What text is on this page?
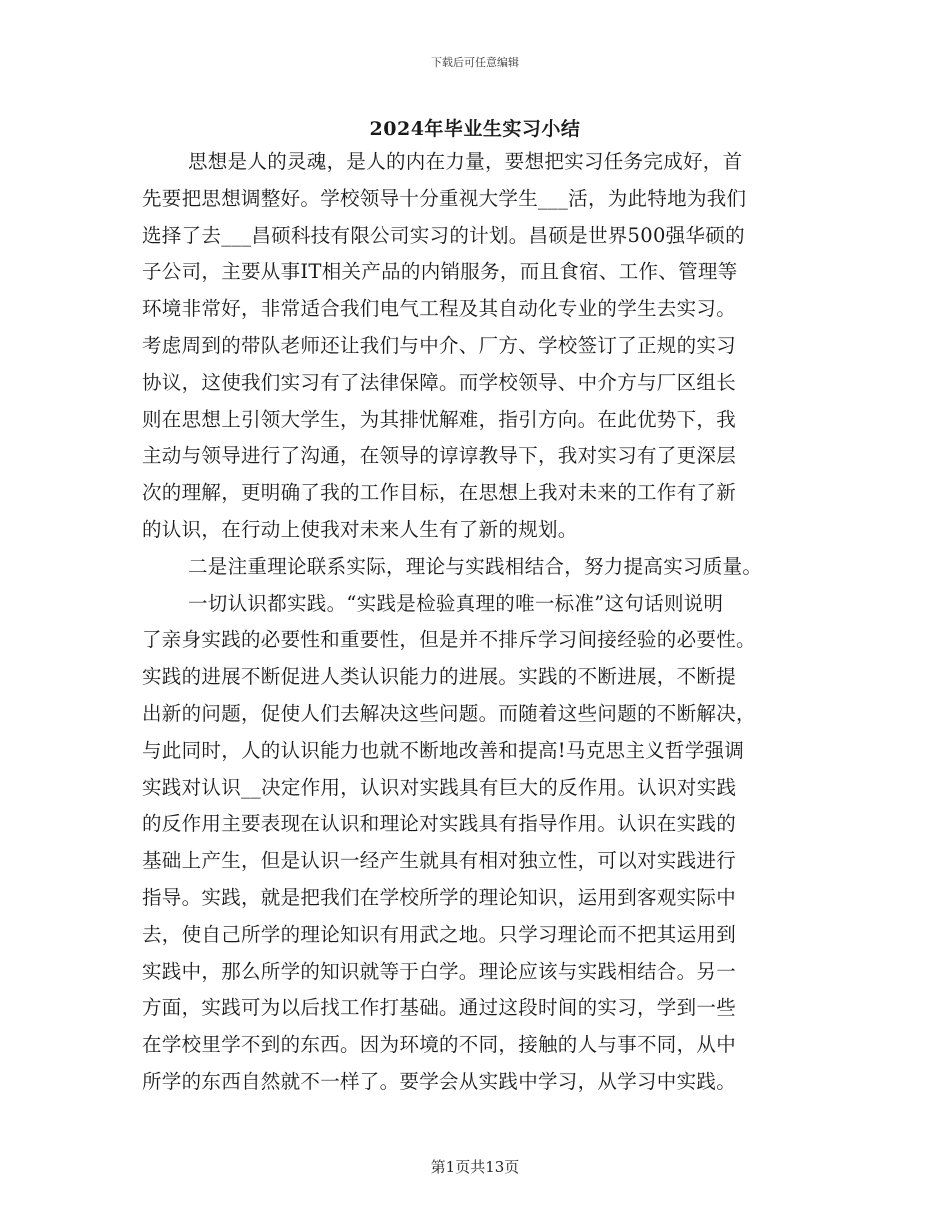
下载后可任意编辑
2024年毕业生实习小结
思想是人的灵魂，是人的内在力量，要想把实习任务完成好，首
先要把思想调整好。学校领导十分重视大学生___活，为此特地为我们
选择了去___昌硕科技有限公司实习的计划。昌硕是世界500强华硕的
子公司，主要从事IT相关产品的内销服务，而且食宿、工作、管理等
环境非常好，非常适合我们电气工程及其自动化专业的学生去实习。
考虑周到的带队老师还让我们与中介、厂方、学校签订了正规的实习
协议，这使我们实习有了法律保障。而学校领导、中介方与厂区组长
则在思想上引领大学生，为其排忧解难，指引方向。在此优势下，我
主动与领导进行了沟通，在领导的谆谆教导下，我对实习有了更深层
次的理解，更明确了我的工作目标，在思想上我对未来的工作有了新
的认识，在行动上使我对未来人生有了新的规划。
二是注重理论联系实际，理论与实践相结合，努力提高实习质量。
一切认识都实践。“实践是检验真理的唯一标准”这句话则说明
了亲身实践的必要性和重要性，但是并不排斥学习间接经验的必要性。
实践的进展不断促进人类认识能力的进展。实践的不断进展，不断提
出新的问题，促使人们去解决这些问题。而随着这些问题的不断解决，
与此同时，人的认识能力也就不断地改善和提高!马克思主义哲学强调
实践对认识__决定作用，认识对实践具有巨大的反作用。认识对实践
的反作用主要表现在认识和理论对实践具有指导作用。认识在实践的
基础上产生，但是认识一经产生就具有相对独立性，可以对实践进行
指导。实践，就是把我们在学校所学的理论知识，运用到客观实际中
去，使自己所学的理论知识有用武之地。只学习理论而不把其运用到
实践中，那么所学的知识就等于白学。理论应该与实践相结合。另一
方面，实践可为以后找工作打基础。通过这段时间的实习，学到一些
在学校里学不到的东西。因为环境的不同，接触的人与事不同，从中
所学的东西自然就不一样了。要学会从实践中学习，从学习中实践。
第1页共13页
